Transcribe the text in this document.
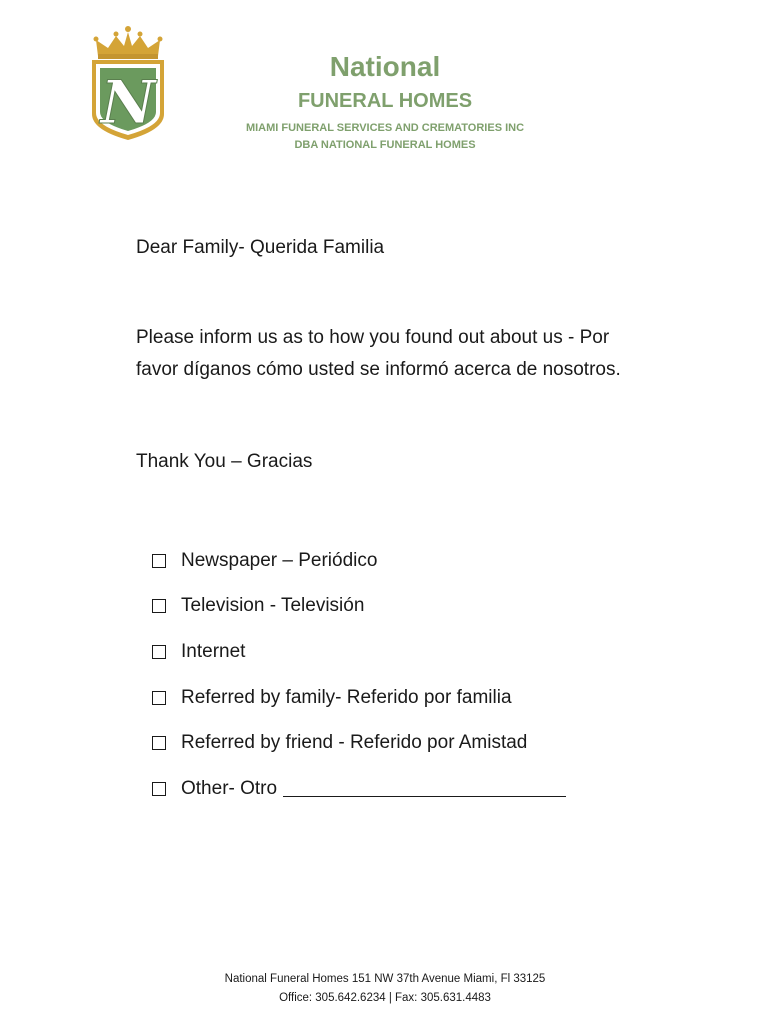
N
National
FUNERAL HOMES
MIAMI FUNERAL SERVICES AND CREMATORIES INC
DBA NATIONAL FUNERAL HOMES
Dear Family- Querida Familia
Please inform us as to how you found out about us - Por
favor díganos cómo usted se informó acerca de nosotros.
Thank You – Gracias
Newspaper – Periódico
Television - Televisión
Internet
Referred by family- Referido por familia
Referred by friend - Referido por Amistad
Other- Otro
National Funeral Homes 151 NW 37th Avenue Miami, Fl 33125
Office: 305.642.6234 | Fax: 305.631.4483
